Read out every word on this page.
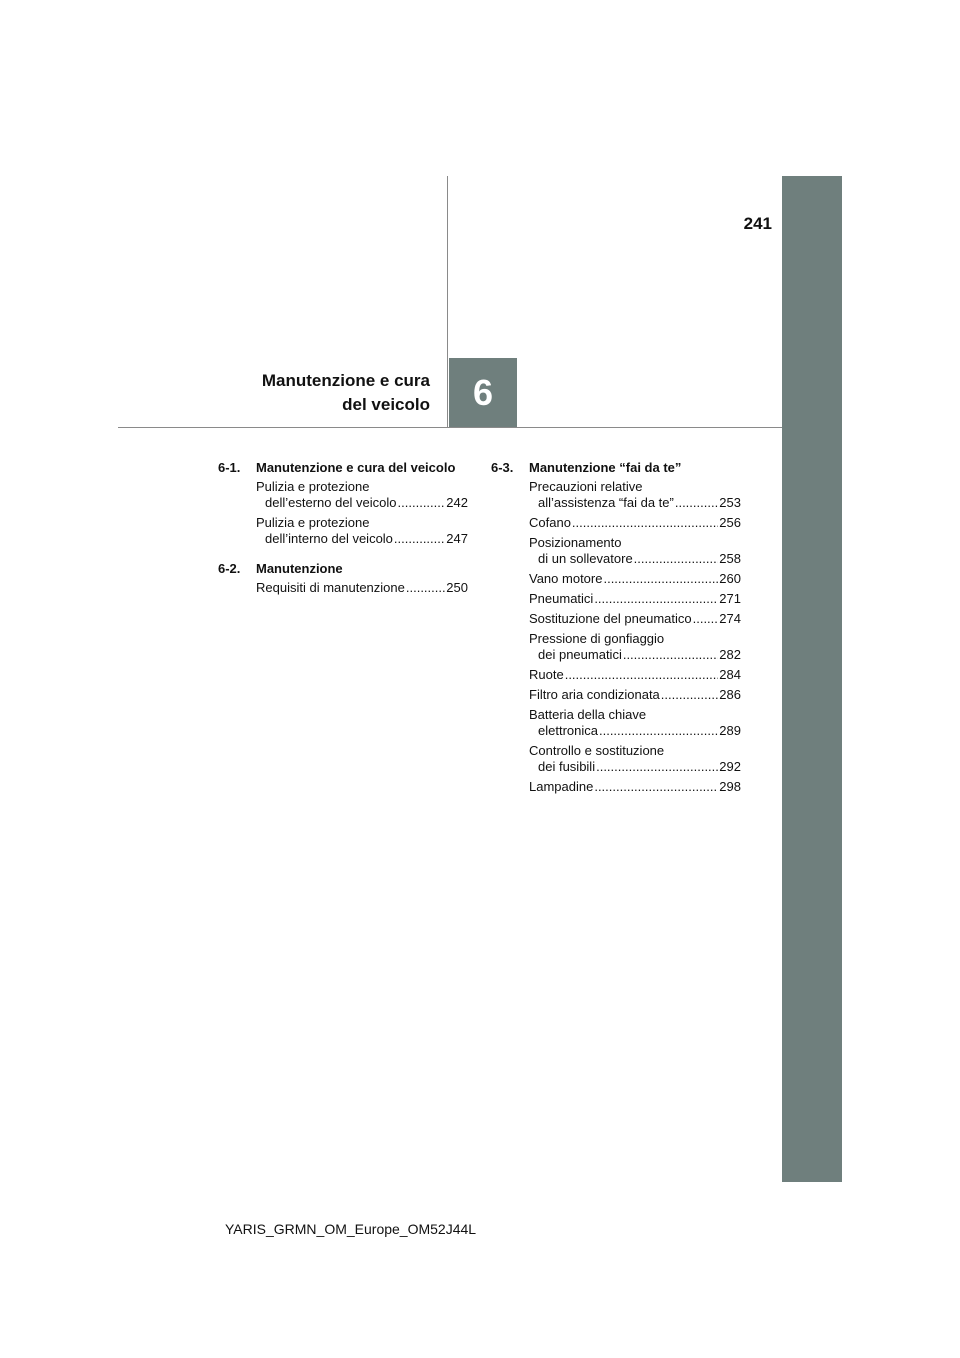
241
6
Manutenzione e cura
del veicolo
6-1. Manutenzione e cura del veicolo
Pulizia e protezione
dell’esterno del veicolo .....	242
Pulizia e protezione
dell’interno del veicolo .....	247
6-2. Manutenzione
Requisiti di manutenzione .....	250
6-3. Manutenzione “fai da te”
Precauzioni relative
all’assistenza “fai da te” .....	253
Cofano .....	256
Posizionamento
di un sollevatore .....	258
Vano motore .....	260
Pneumatici .....	271
Sostituzione del pneumatico ..... 274
Pressione di gonfiaggio
dei pneumatici .....	282
Ruote .....	284
Filtro aria condizionata .....	286
Batteria della chiave
elettronica .....	289
Controllo e sostituzione
dei fusibili .....	292
Lampadine .....	298
YARIS_GRMN_OM_Europe_OM52J44L
